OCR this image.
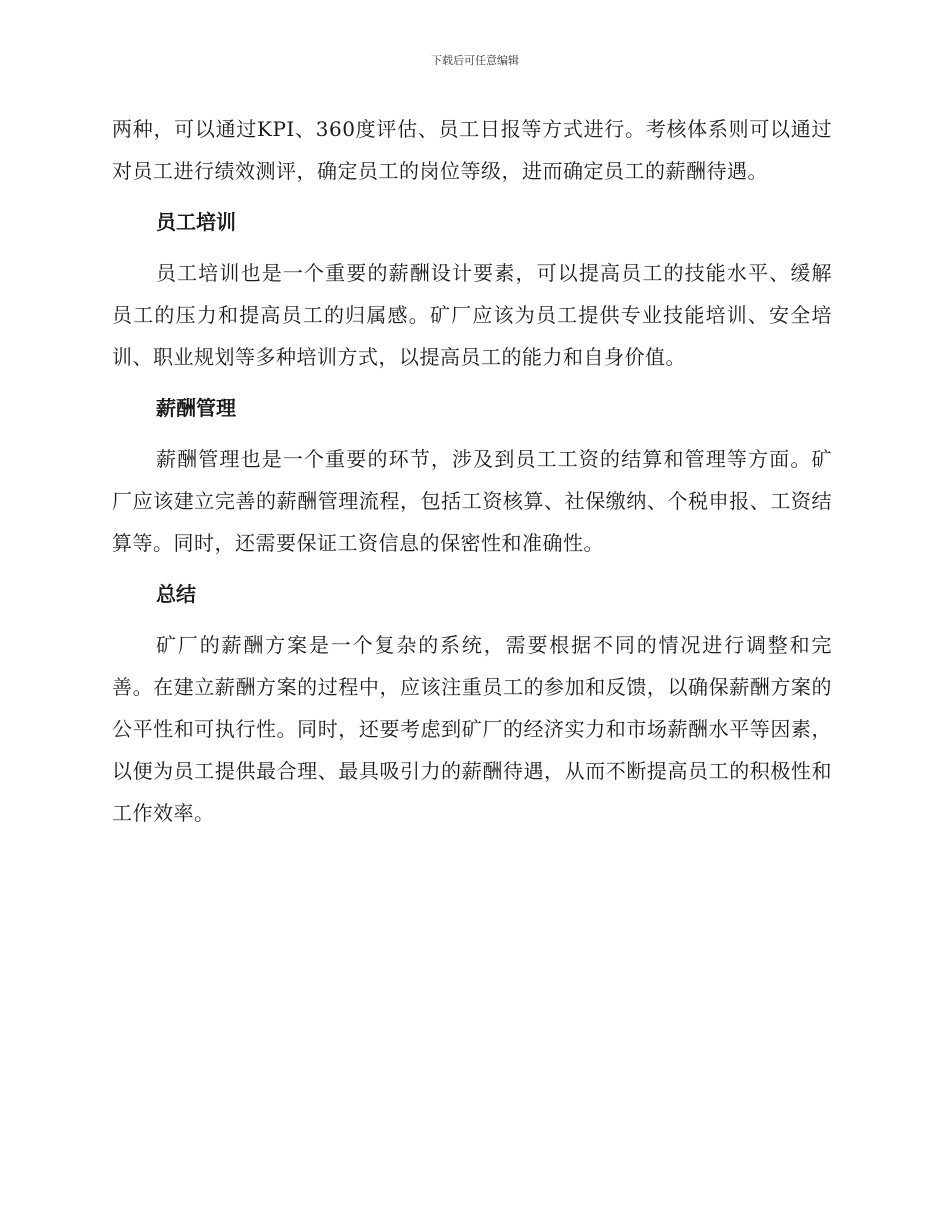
下载后可任意编辑

两种，可以通过KPI、360度评估、员工日报等方式进行。考核体系则可以通过对员工进行绩效测评，确定员工的岗位等级，进而确定员工的薪酬待遇。

员工培训

员工培训也是一个重要的薪酬设计要素，可以提高员工的技能水平、缓解员工的压力和提高员工的归属感。矿厂应该为员工提供专业技能培训、安全培训、职业规划等多种培训方式，以提高员工的能力和自身价值。

薪酬管理

薪酬管理也是一个重要的环节，涉及到员工工资的结算和管理等方面。矿厂应该建立完善的薪酬管理流程，包括工资核算、社保缴纳、个税申报、工资结算等。同时，还需要保证工资信息的保密性和准确性。

总结

矿厂的薪酬方案是一个复杂的系统，需要根据不同的情况进行调整和完善。在建立薪酬方案的过程中，应该注重员工的参加和反馈，以确保薪酬方案的公平性和可执行性。同时，还要考虑到矿厂的经济实力和市场薪酬水平等因素，以便为员工提供最合理、最具吸引力的薪酬待遇，从而不断提高员工的积极性和工作效率。
